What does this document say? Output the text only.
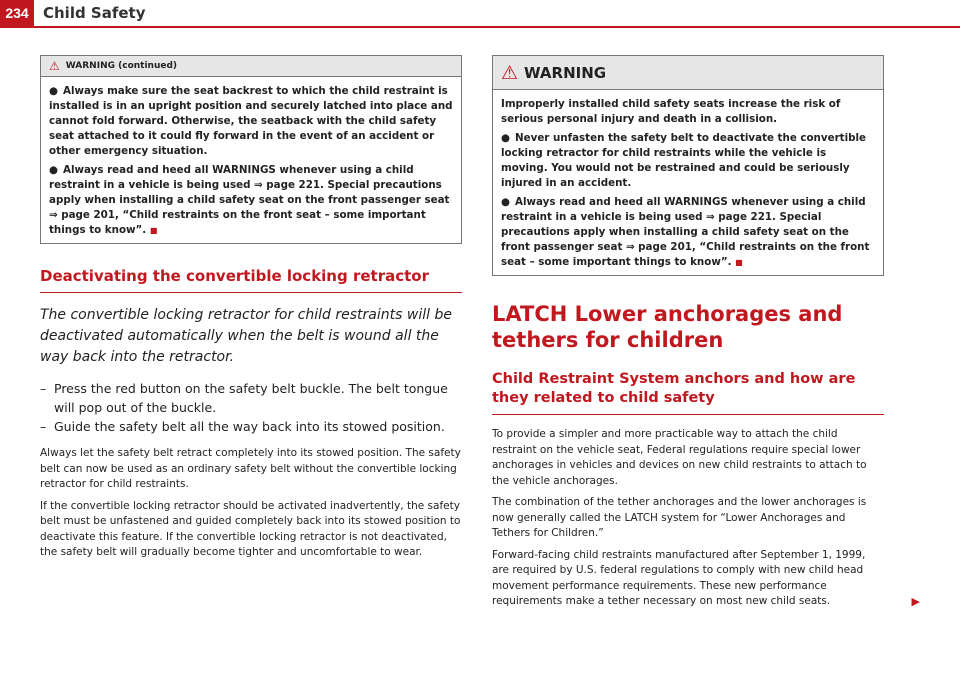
234 Child Safety
⚠ WARNING (continued)

● Always make sure the seat backrest to which the child restraint is installed is in an upright position and securely latched into place and cannot fold forward. Otherwise, the seatback with the child safety seat attached to it could fly forward in the event of an accident or other emergency situation.

● Always read and heed all WARNINGS whenever using a child restraint in a vehicle is being used ⇒ page 221. Special precautions apply when installing a child safety seat on the front passenger seat ⇒ page 201, “Child restraints on the front seat – some important things to know”. ■

Deactivating the convertible locking retractor
The convertible locking retractor for child restraints will be deactivated automatically when the belt is wound all the way back into the retractor.
– Press the red button on the safety belt buckle. The belt tongue will pop out of the buckle.
– Guide the safety belt all the way back into its stowed position.

Always let the safety belt retract completely into its stowed position. The safety belt can now be used as an ordinary safety belt without the convertible locking retractor for child restraints.

If the convertible locking retractor should be activated inadvertently, the safety belt must be unfastened and guided completely back into its stowed position to deactivate this feature. If the convertible locking retractor is not deactivated, the safety belt will gradually become tighter and uncomfortable to wear.

⚠ WARNING

Improperly installed child safety seats increase the risk of serious personal injury and death in a collision.

● Never unfasten the safety belt to deactivate the convertible locking retractor for child restraints while the vehicle is moving. You would not be restrained and could be seriously injured in an accident.

● Always read and heed all WARNINGS whenever using a child restraint in a vehicle is being used ⇒ page 221. Special precautions apply when installing a child safety seat on the front passenger seat ⇒ page 201, “Child restraints on the front seat – some important things to know”. ■

LATCH Lower anchorages and tethers for children
Child Restraint System anchors and how are they related to child safety

To provide a simpler and more practicable way to attach the child restraint on the vehicle seat, Federal regulations require special lower anchorages in vehicles and devices on new child restraints to attach to the vehicle anchorages.

The combination of the tether anchorages and the lower anchorages is now generally called the LATCH system for “Lower Anchorages and Tethers for Children.”

Forward-facing child restraints manufactured after September 1, 1999, are required by U.S. federal regulations to comply with new child head movement performance requirements. These new performance requirements make a tether necessary on most new child seats.	▶
